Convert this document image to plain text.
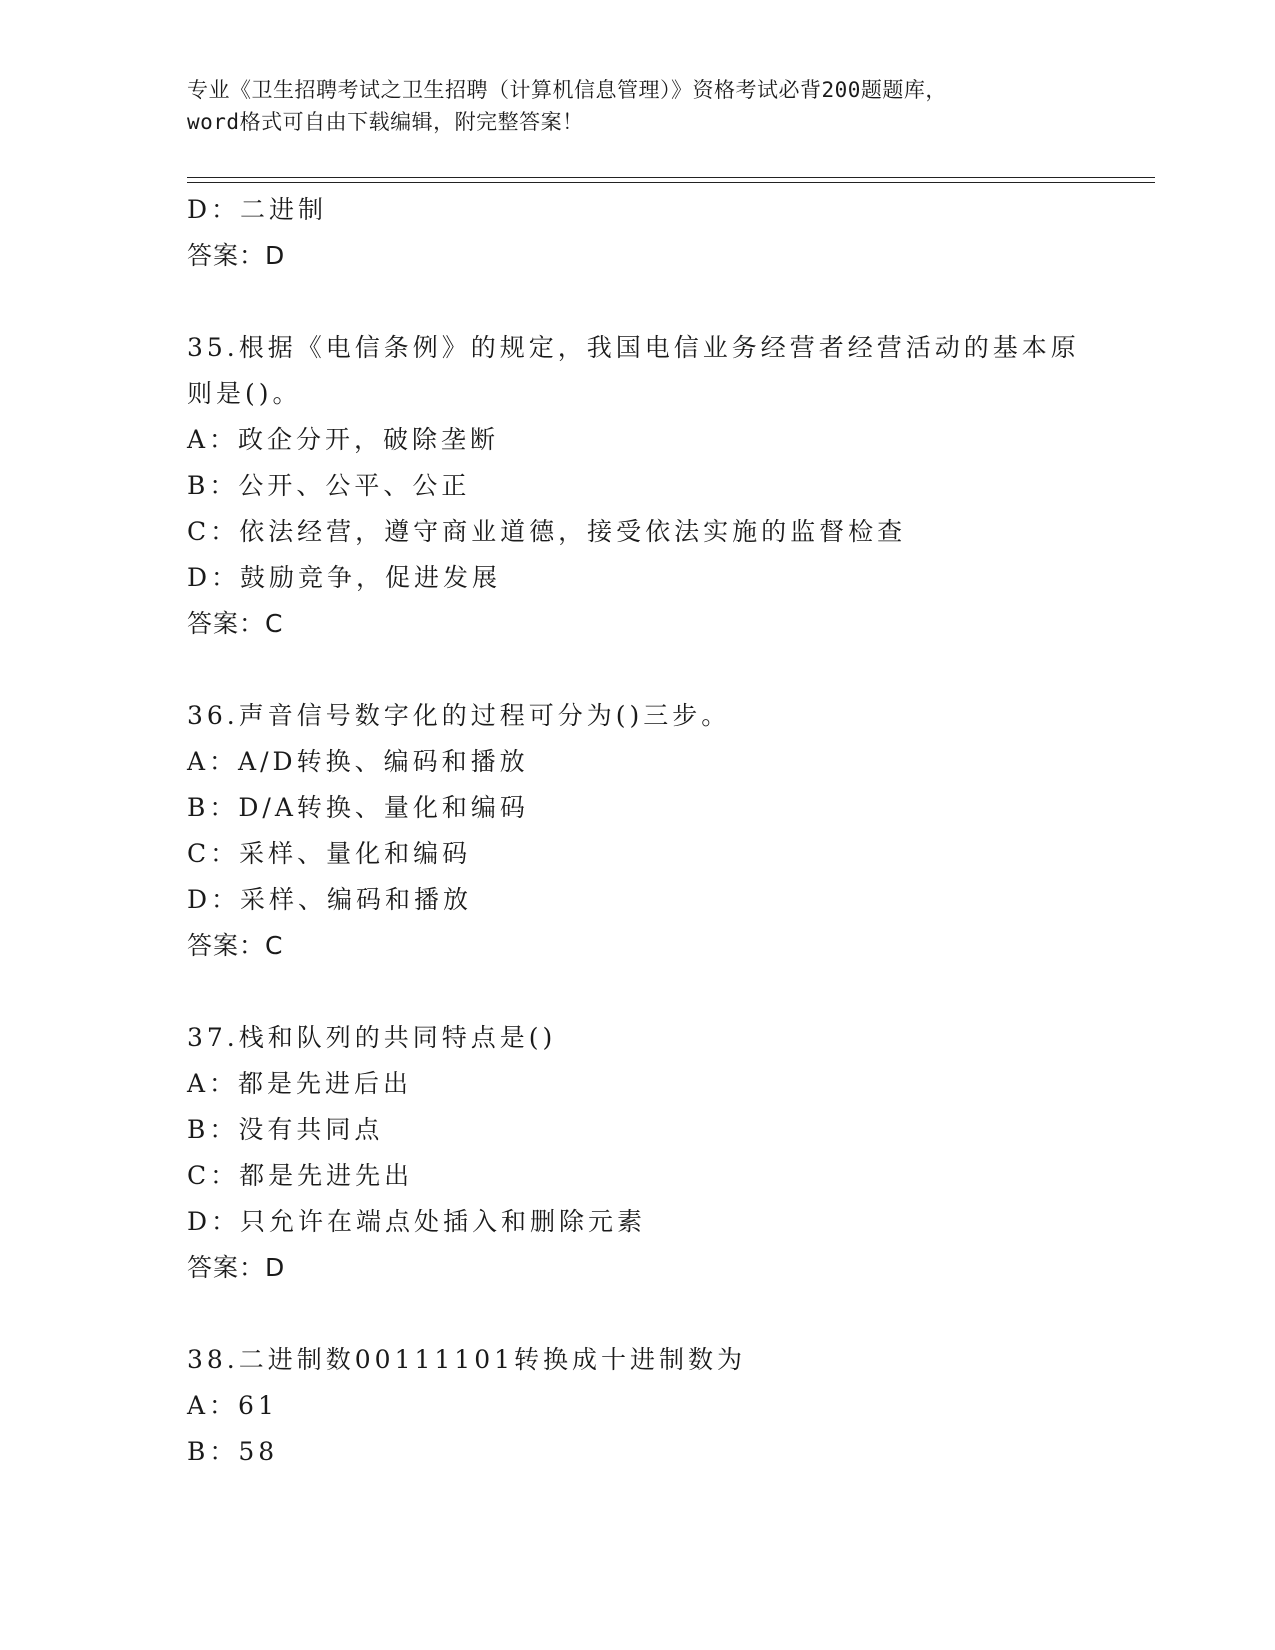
专业《卫生招聘考试之卫生招聘（计算机信息管理）》资格考试必背200题题库，
word格式可自由下载编辑，附完整答案！
D：二进制
答案：D
35.根据《电信条例》的规定，我国电信业务经营者经营活动的基本原
则是()。
A：政企分开，破除垄断
B：公开、公平、公正
C：依法经营，遵守商业道德，接受依法实施的监督检查
D：鼓励竞争，促进发展
答案：C
36.声音信号数字化的过程可分为()三步。
A：A/D转换、编码和播放
B：D/A转换、量化和编码
C：采样、量化和编码
D：采样、编码和播放
答案：C
37.栈和队列的共同特点是()
A：都是先进后出
B：没有共同点
C：都是先进先出
D：只允许在端点处插入和删除元素
答案：D
38.二进制数00111101转换成十进制数为
A：61
B：58
